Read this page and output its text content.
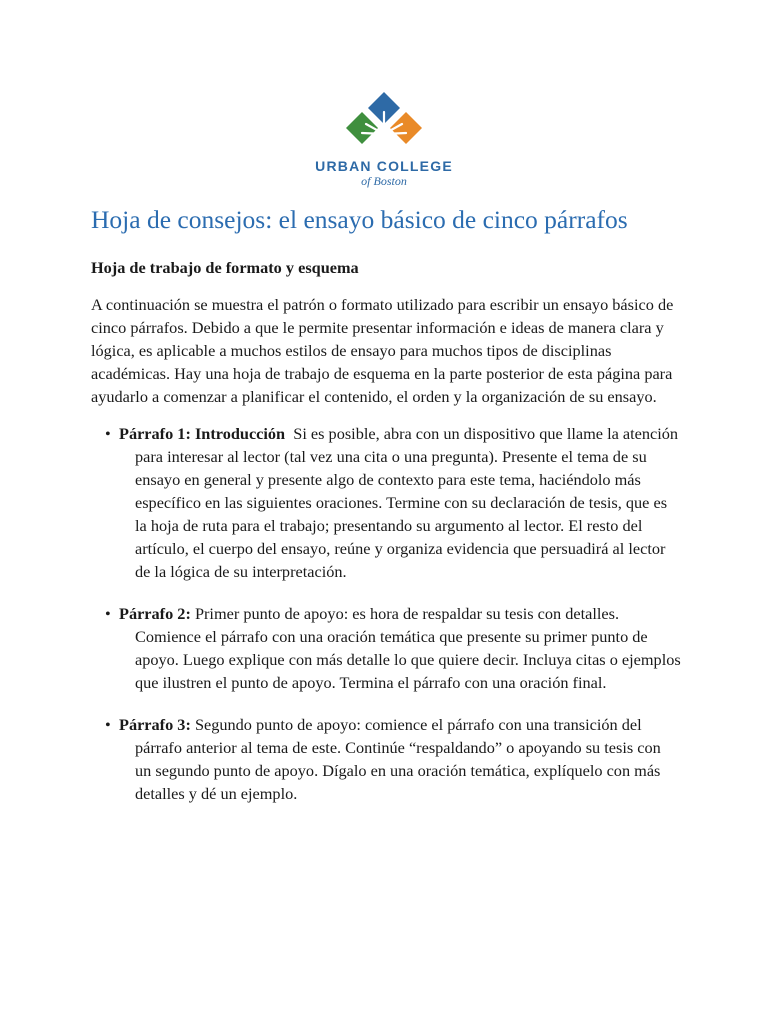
URBAN COLLEGE
of Boston
Hoja de consejos: el ensayo básico de cinco párrafos

Hoja de trabajo de formato y esquema

A continuación se muestra el patrón o formato utilizado para escribir un ensayo básico de cinco párrafos. Debido a que le permite presentar información e ideas de manera clara y lógica, es aplicable a muchos estilos de ensayo para muchos tipos de disciplinas académicas. Hay una hoja de trabajo de esquema en la parte posterior de esta página para ayudarlo a comenzar a planificar el contenido, el orden y la organización de su ensayo.

• Párrafo 1: Introducción Si es posible, abra con un dispositivo que llame la atención para interesar al lector (tal vez una cita o una pregunta). Presente el tema de su ensayo en general y presente algo de contexto para este tema, haciéndolo más específico en las siguientes oraciones. Termine con su declaración de tesis, que es la hoja de ruta para el trabajo; presentando su argumento al lector. El resto del artículo, el cuerpo del ensayo, reúne y organiza evidencia que persuadirá al lector de la lógica de su interpretación.
• Párrafo 2: Primer punto de apoyo: es hora de respaldar su tesis con detalles. Comience el párrafo con una oración temática que presente su primer punto de apoyo. Luego explique con más detalle lo que quiere decir. Incluya citas o ejemplos que ilustren el punto de apoyo. Termina el párrafo con una oración final.
• Párrafo 3: Segundo punto de apoyo: comience el párrafo con una transición del párrafo anterior al tema de este. Continúe “respaldando” o apoyando su tesis con un segundo punto de apoyo. Dígalo en una oración temática, explíquelo con más detalles y dé un ejemplo.
